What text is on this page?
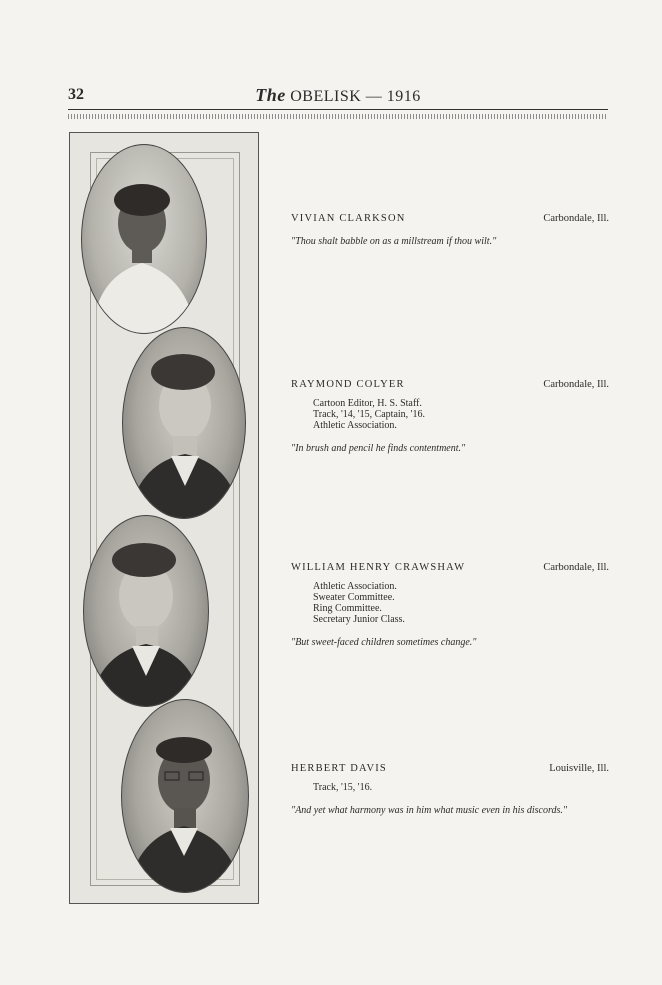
32	The OBELISK — 1916
VIVIAN CLARKSON	Carbondale, Ill.
"Thou shalt babble on as a millstream if thou wilt."
RAYMOND COLYER	Carbondale, Ill.
Cartoon Editor, H. S. Staff.
Track, '14, '15, Captain, '16.
Athletic Association.
"In brush and pencil he finds contentment."
WILLIAM HENRY CRAWSHAW	Carbondale, Ill.
Athletic Association.
Sweater Committee.
Ring Committee.
Secretary Junior Class.
"But sweet-faced children sometimes change."
HERBERT DAVIS	Louisville, Ill.
Track, '15, '16.
"And yet what harmony was in him what music even in his discords."
